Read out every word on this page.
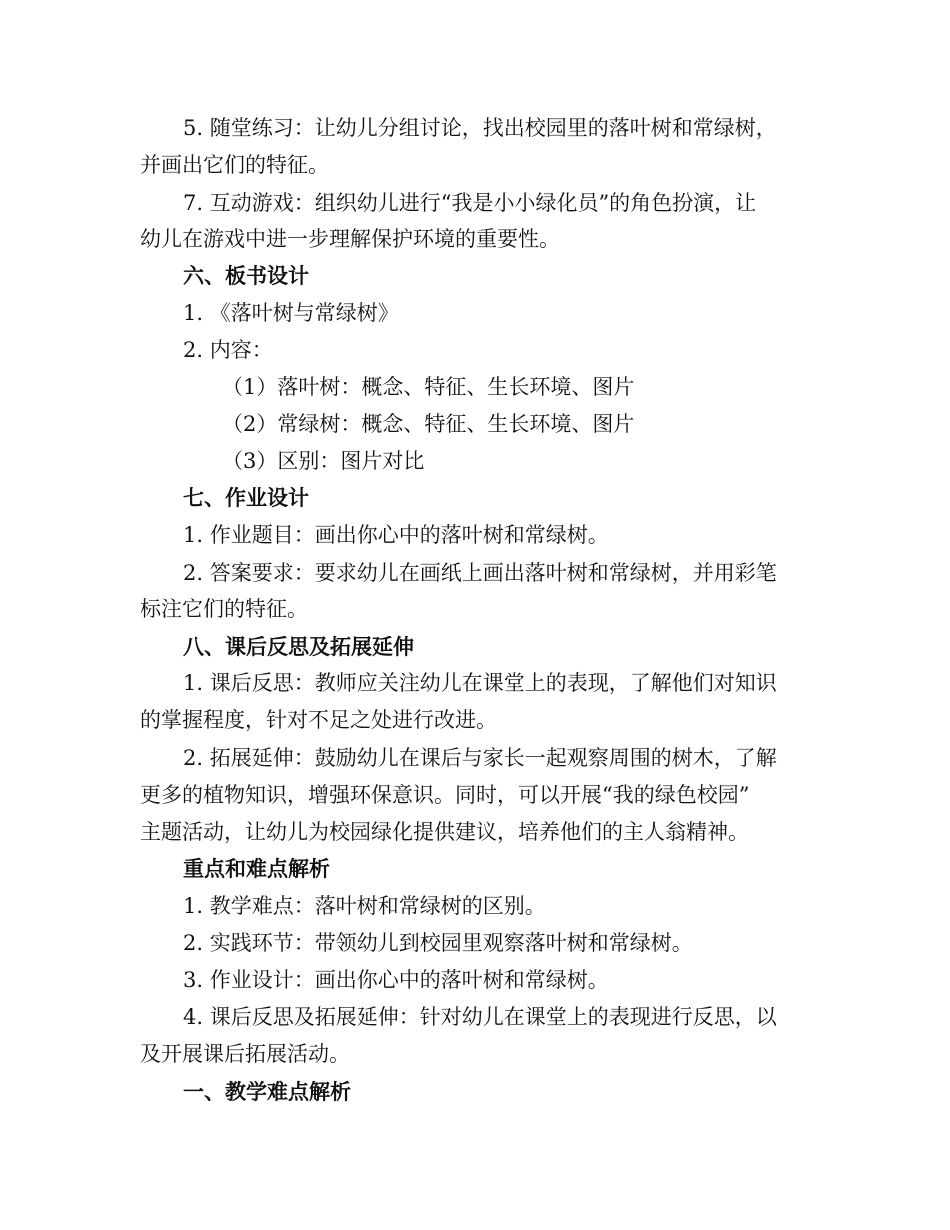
5. 随堂练习：让幼儿分组讨论，找出校园里的落叶树和常绿树，
并画出它们的特征。
7. 互动游戏：组织幼儿进行“我是小小绿化员”的角色扮演，让
幼儿在游戏中进一步理解保护环境的重要性。
六、板书设计
1. 《落叶树与常绿树》
2. 内容：
（1）落叶树：概念、特征、生长环境、图片
（2）常绿树：概念、特征、生长环境、图片
（3）区别：图片对比
七、作业设计
1. 作业题目：画出你心中的落叶树和常绿树。
2. 答案要求：要求幼儿在画纸上画出落叶树和常绿树，并用彩笔
标注它们的特征。
八、课后反思及拓展延伸
1. 课后反思：教师应关注幼儿在课堂上的表现，了解他们对知识
的掌握程度，针对不足之处进行改进。
2. 拓展延伸：鼓励幼儿在课后与家长一起观察周围的树木，了解
更多的植物知识，增强环保意识。同时，可以开展“我的绿色校园”
主题活动，让幼儿为校园绿化提供建议，培养他们的主人翁精神。
重点和难点解析
1. 教学难点：落叶树和常绿树的区别。
2. 实践环节：带领幼儿到校园里观察落叶树和常绿树。
3. 作业设计：画出你心中的落叶树和常绿树。
4. 课后反思及拓展延伸：针对幼儿在课堂上的表现进行反思，以
及开展课后拓展活动。
一、教学难点解析
